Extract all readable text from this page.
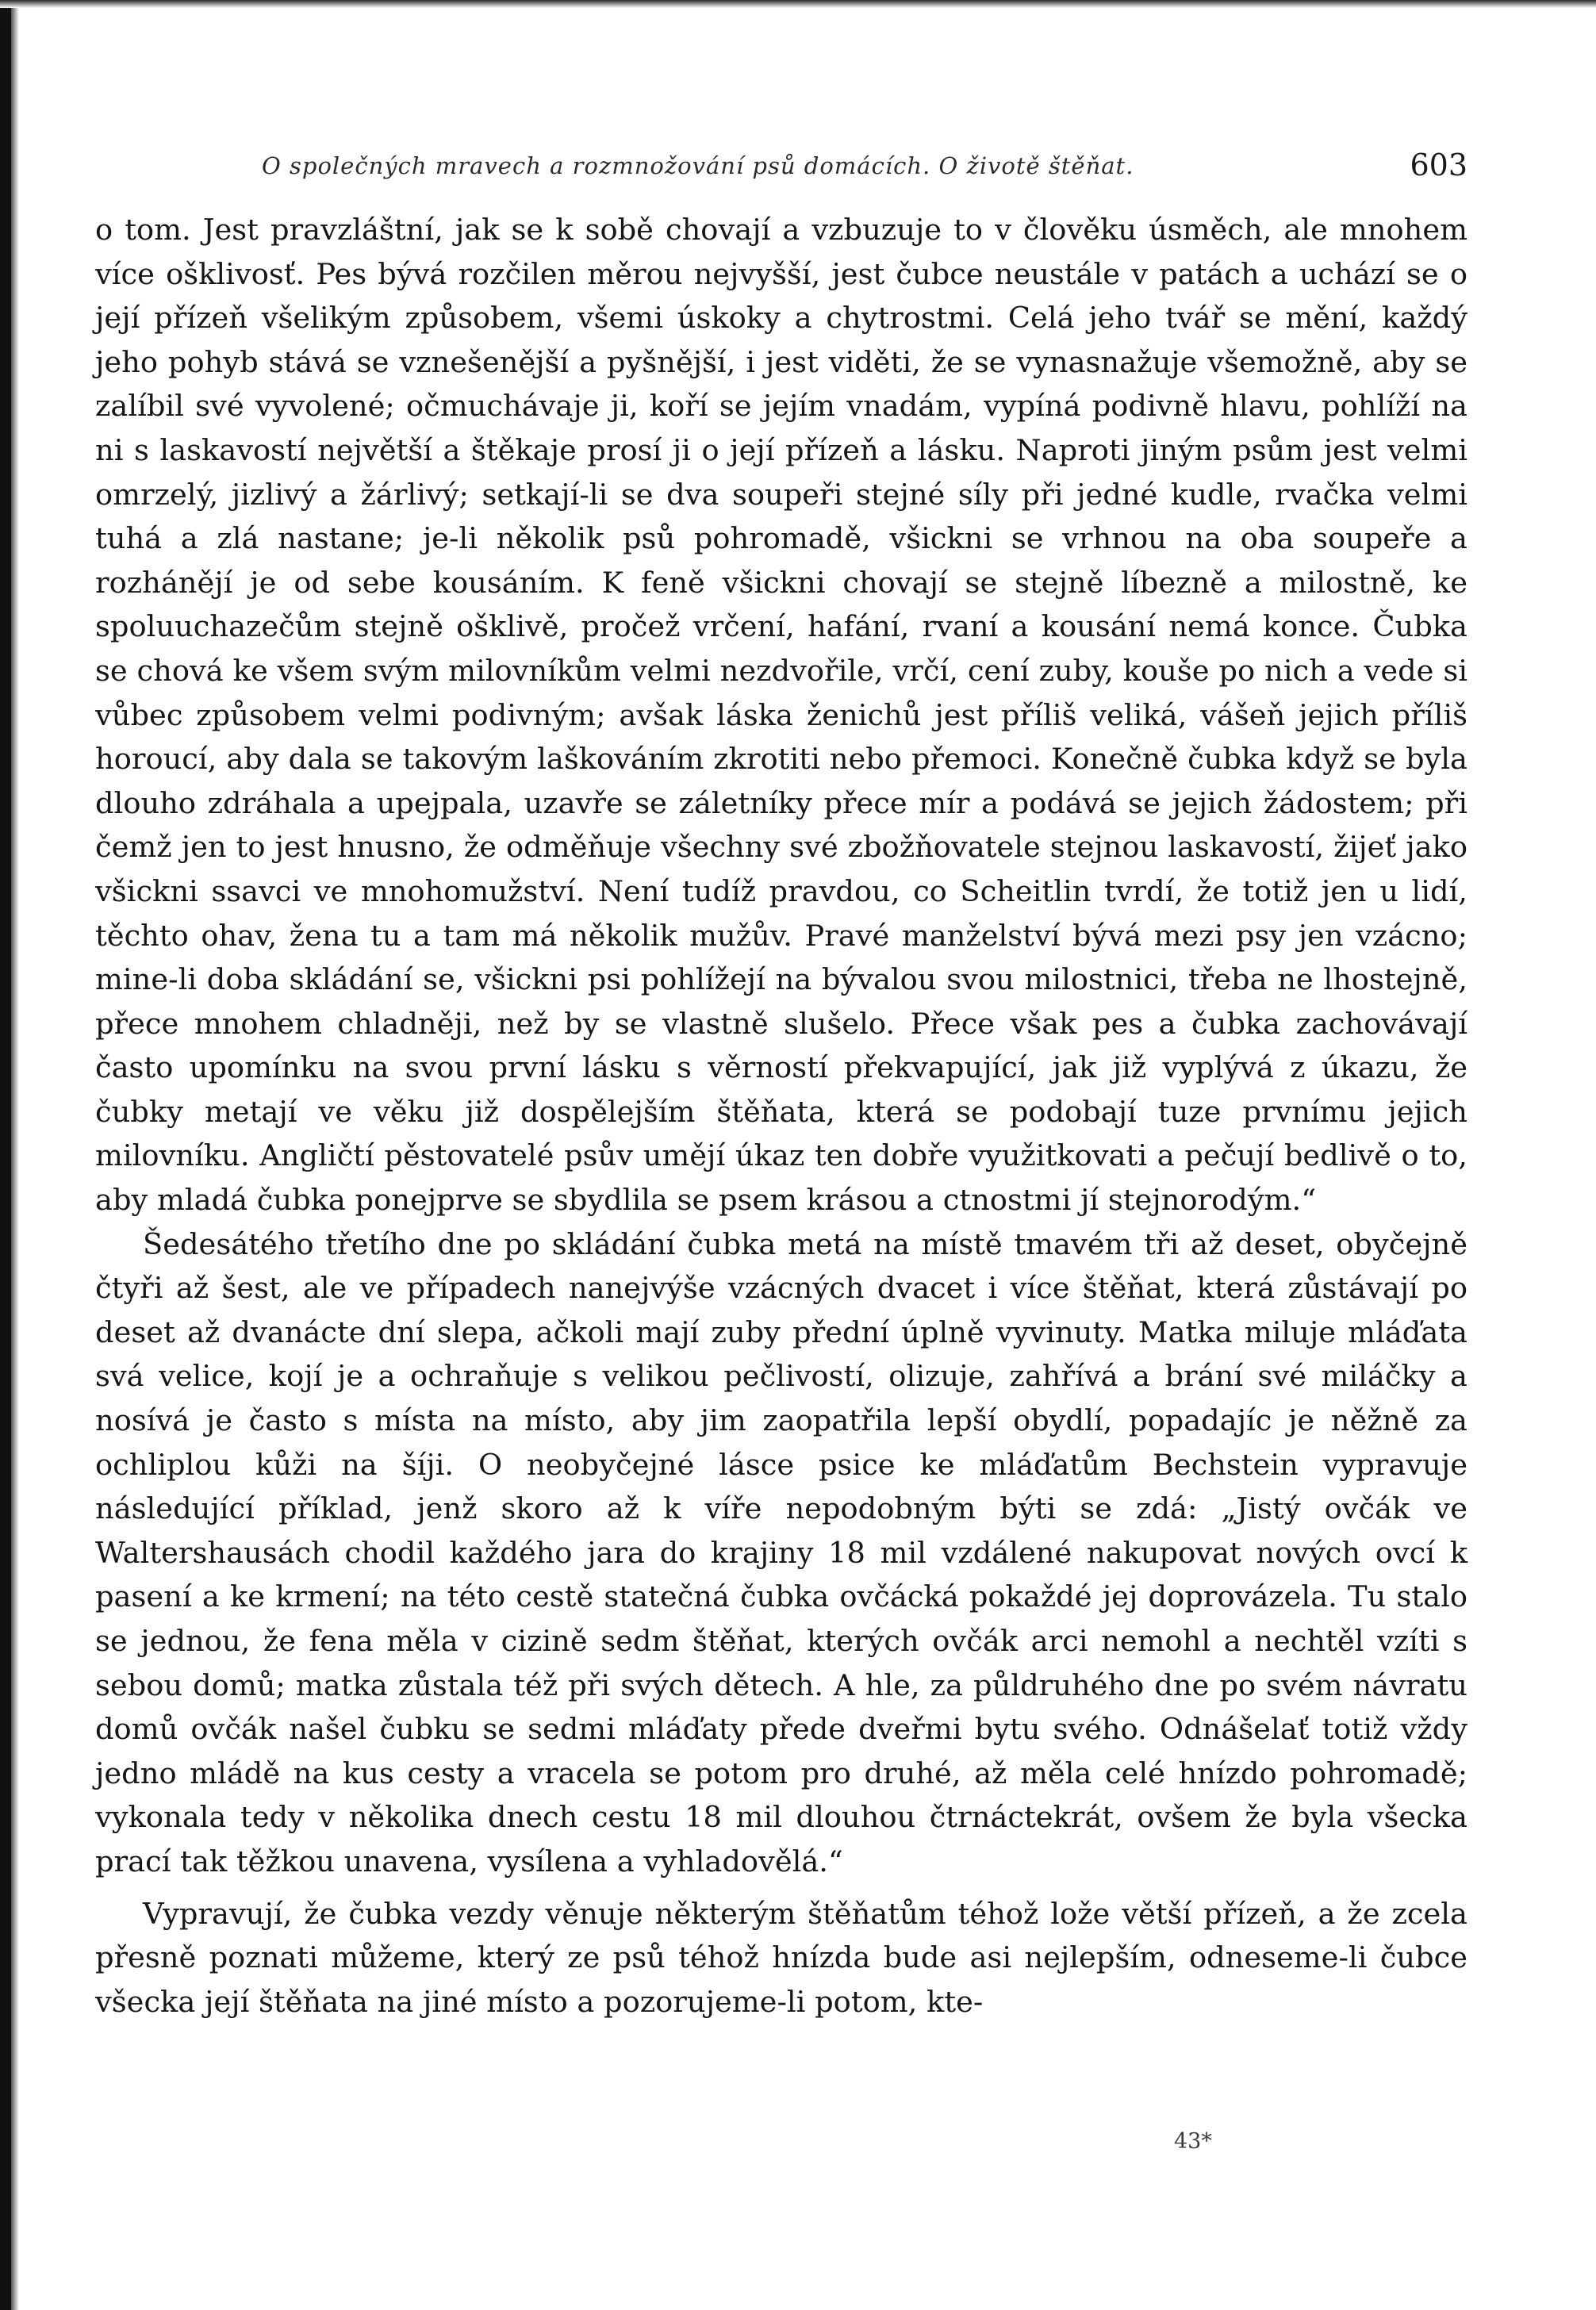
O společných mravech a rozmnožování psů domácích. O životě štěňat.	603

o tom. Jest pravzláštní, jak se k sobě chovají a vzbuzuje to v člověku úsměch, ale mnohem více ošklivosť. Pes bývá rozčilen měrou nejvyšší, jest čubce neustále v patách a uchází se o její přízeň všelikým způsobem, všemi úskoky a chytrostmi. Celá jeho tvář se mění, každý jeho pohyb stává se vznešenější a pyšnější, i jest viděti, že se vynasnažuje všemožně, aby se zalíbil své vyvolené; očmuchávaje ji, koří se jejím vnadám, vypíná podivně hlavu, pohlíží na ni s laskavostí největší a štěkaje prosí ji o její přízeň a lásku. Naproti jiným psům jest velmi omrzelý, jizlivý a žárlivý; setkají-li se dva soupeři stejné síly při jedné kudle, rvačka velmi tuhá a zlá nastane; je-li několik psů pohromadě, všickni se vrhnou na oba soupeře a rozhánějí je od sebe kousáním. K feně všickni chovají se stejně líbezně a milostně, ke spoluuchazečům stejně ošklivě, pročež vrčení, hafání, rvaní a kousání nemá konce. Čubka se chová ke všem svým milovníkům velmi nezdvořile, vrčí, cení zuby, kouše po nich a vede si vůbec způsobem velmi podivným; avšak láska ženichů jest příliš veliká, vášeň jejich příliš horoucí, aby dala se takovým laškováním zkrotiti nebo přemoci. Konečně čubka když se byla dlouho zdráhala a upejpala, uzavře se záletníky přece mír a podává se jejich žádostem; při čemž jen to jest hnusno, že odměňuje všechny své zbožňovatele stejnou laskavostí, žijeť jako všickni ssavci ve mnohomužství. Není tudíž pravdou, co Scheitlin tvrdí, že totiž jen u lidí, těchto ohav, žena tu a tam má několik mužův. Pravé manželství bývá mezi psy jen vzácno; mine-li doba skládání se, všickni psi pohlížejí na bývalou svou milostnici, třeba ne lhostejně, přece mnohem chladněji, než by se vlastně slušelo. Přece však pes a čubka zachovávají často upomínku na svou první lásku s věrností překvapující, jak již vyplývá z úkazu, že čubky metají ve věku již dospělejším štěňata, která se podobají tuze prvnímu jejich milovníku. Angličtí pěstovatelé psův umějí úkaz ten dobře využitkovati a pečují bedlivě o to, aby mladá čubka ponejprve se sbydlila se psem krásou a ctnostmi jí stejnorodým.“

Šedesátého třetího dne po skládání čubka metá na místě tmavém tři až deset, obyčejně čtyři až šest, ale ve případech nanejvýše vzácných dvacet i více štěňat, která zůstávají po deset až dvanácte dní slepa, ačkoli mají zuby přední úplně vyvinuty. Matka miluje mláďata svá velice, kojí je a ochraňuje s velikou pečlivostí, olizuje, zahřívá a brání své miláčky a nosívá je často s místa na místo, aby jim zaopatřila lepší obydlí, popadajíc je něžně za ochliplou kůži na šíji. O neobyčejné lásce psice ke mláďatům Bechstein vypravuje následující příklad, jenž skoro až k víře nepodobným býti se zdá: „Jistý ovčák ve Waltershausách chodil každého jara do krajiny 18 mil vzdálené nakupovat nových ovcí k pasení a ke krmení; na této cestě statečná čubka ovčácká pokaždé jej doprovázela. Tu stalo se jednou, že fena měla v cizině sedm štěňat, kterých ovčák arci nemohl a nechtěl vzíti s sebou domů; matka zůstala též při svých dětech. A hle, za půldruhého dne po svém návratu domů ovčák našel čubku se sedmi mláďaty přede dveřmi bytu svého. Odnášelať totiž vždy jedno mládě na kus cesty a vracela se potom pro druhé, až měla celé hnízdo pohromadě; vykonala tedy v několika dnech cestu 18 mil dlouhou čtrnáctekrát, ovšem že byla všecka prací tak těžkou unavena, vysílena a vyhladovělá.“

Vypravují, že čubka vezdy věnuje některým štěňatům téhož lože větší přízeň, a že zcela přesně poznati můžeme, který ze psů téhož hnízda bude asi nejlepším, odneseme-li čubce všecka její štěňata na jiné místo a pozorujeme-li potom, kte-

43*
